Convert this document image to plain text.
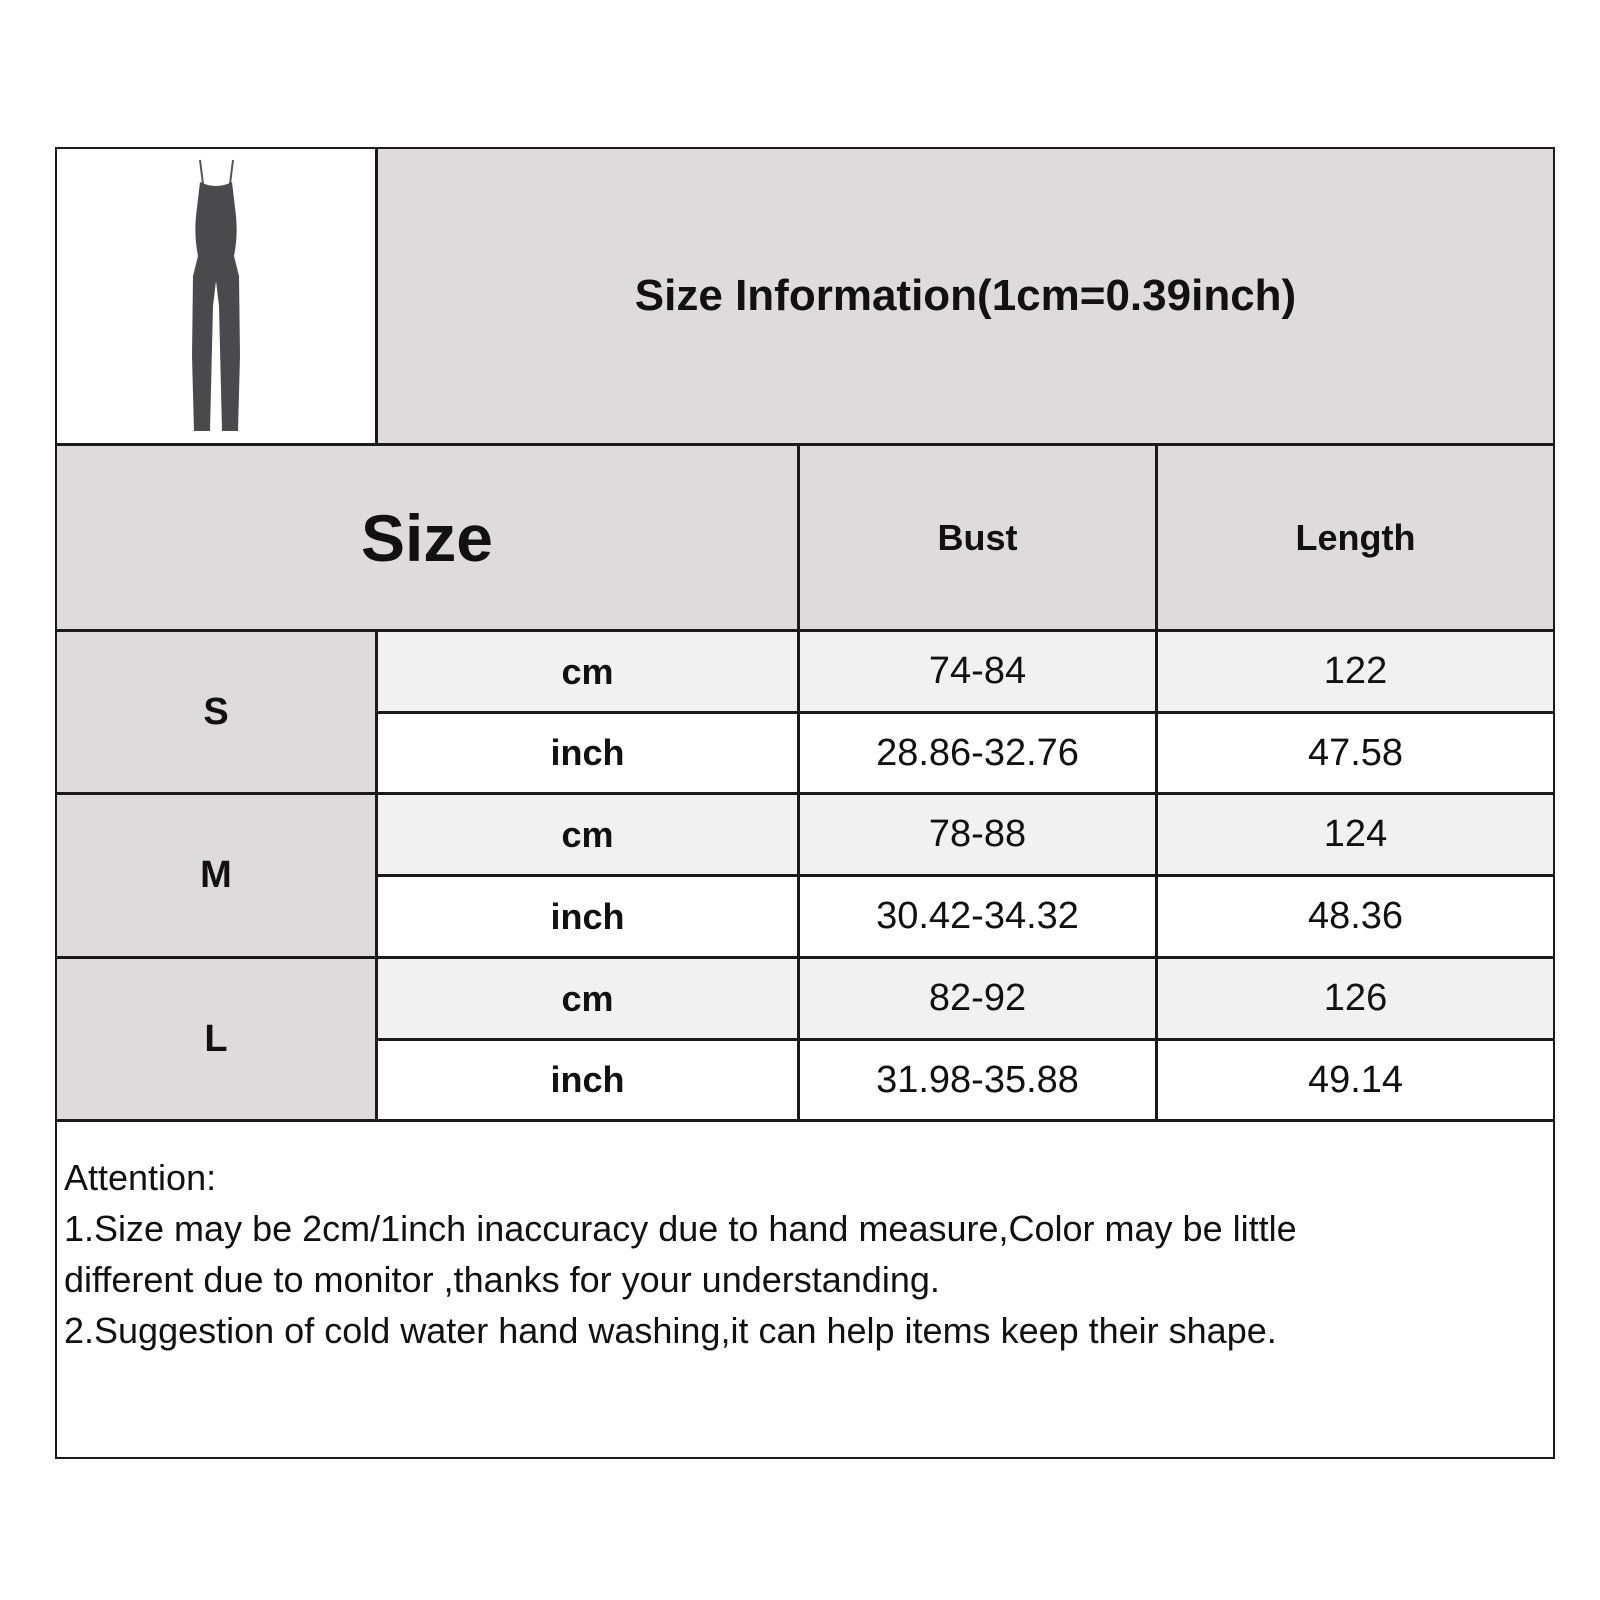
Size Information(1cm=0.39inch)
Size	Bust	Length
S
cm	74-84	122
inch	28.86-32.76	47.58
M
cm	78-88	124
inch	30.42-34.32	48.36
L
cm	82-92	126
inch	31.98-35.88	49.14
Attention:
1.Size may be 2cm/1inch inaccuracy due to hand measure,Color may be little
different due to monitor ,thanks for your understanding.
2.Suggestion of cold water hand washing,it can help items keep their shape.
